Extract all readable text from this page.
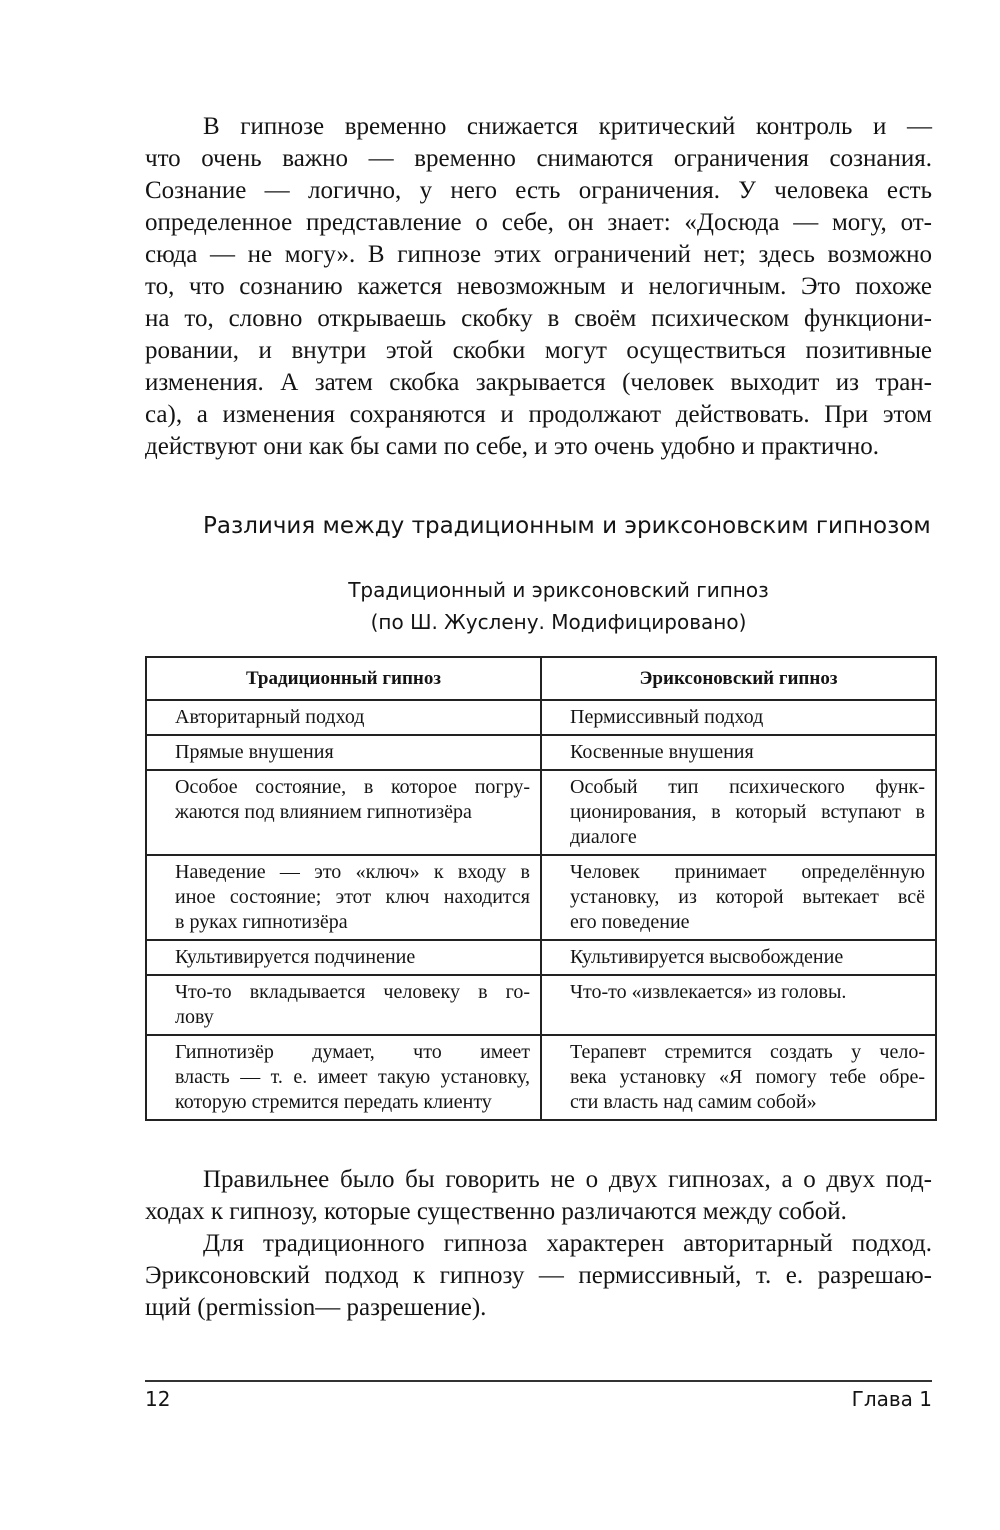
В гипнозе временно снижается критический контроль и —
что очень важно — временно снимаются ограничения сознания.
Сознание — логично, у него есть ограничения. У человека есть
определенное представление о себе, он знает: «Досюда — могу, от-
сюда — не могу». В гипнозе этих ограничений нет; здесь возможно
то, что сознанию кажется невозможным и нелогичным. Это похоже
на то, словно открываешь скобку в своём психическом функциони-
ровании, и внутри этой скобки могут осуществиться позитивные
изменения. А затем скобка закрывается (человек выходит из тран-
са), а изменения сохраняются и продолжают действовать. При этом
действуют они как бы сами по себе, и это очень удобно и практично.

Различия между традиционным и эриксоновским гипнозом
Традиционный и эриксоновский гипноз
(по Ш. Жуслену. Модифицировано)
Традиционный гипноз	Эриксоновский гипноз

Авторитарный подход	Пермиссивный подход

Прямые внушения	Косвенные внушения

Особое состояние, в которое погру-
жаются под влиянием гипнотизёра	Особый тип психического функ-
ционирования, в который вступают в
диалоге

Наведение — это «ключ» к входу в
иное состояние; этот ключ находится
в руках гипнотизёра	Человек принимает определённую
установку, из которой вытекает всё
его поведение

Культивируется подчинение	Культивируется высвобождение

Что-то вкладывается человеку в го-
лову	Что-то «извлекается» из головы.

Гипнотизёр думает, что имеет
власть — т. е. имеет такую установку,
которую стремится передать клиенту	Терапевт стремится создать у чело-
века установку «Я помогу тебе обре-
сти власть над самим собой»

Правильнее было бы говорить не о двух гипнозах, а о двух под-
ходах к гипнозу, которые существенно различаются между собой.

Для традиционного гипноза характерен авторитарный подход.
Эриксоновский подход к гипнозу — пермиссивный, т. е. разрешаю-
щий (permission— разрешение).

12	Глава 1
